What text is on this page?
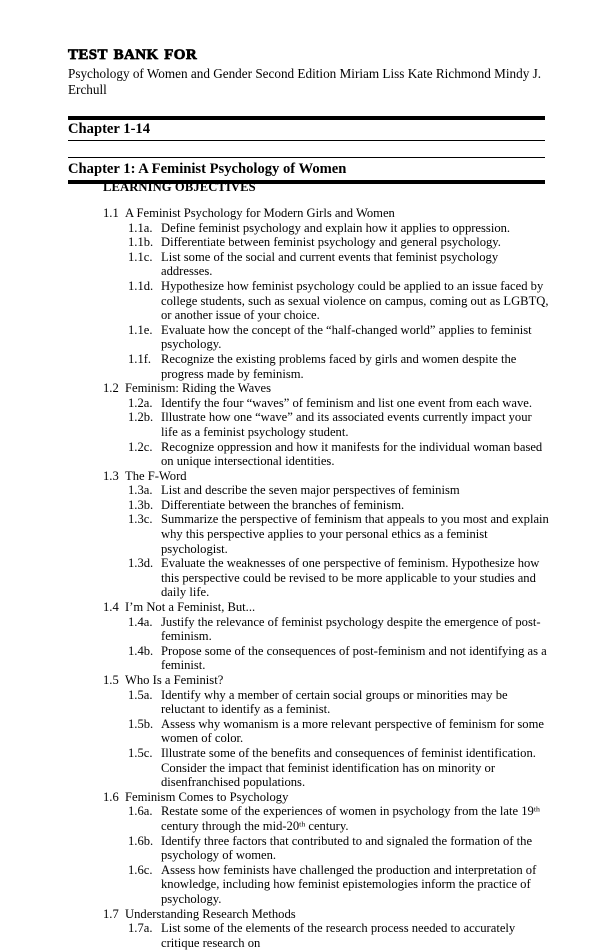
test bank for
Psychology of Women and Gender Second Edition Miriam Liss Kate Richmond Mindy J. Erchull
Chapter 1-14
Chapter 1: A Feminist Psychology of Women
LEARNING OBJECTIVES
1.1 A Feminist Psychology for Modern Girls and Women
1.1a. Define feminist psychology and explain how it applies to oppression.
1.1b. Differentiate between feminist psychology and general psychology.
1.1c. List some of the social and current events that feminist psychology addresses.
1.1d. Hypothesize how feminist psychology could be applied to an issue faced by college students, such as sexual violence on campus, coming out as LGBTQ, or another issue of your choice.
1.1e. Evaluate how the concept of the “half-changed world” applies to feminist psychology.
1.1f. Recognize the existing problems faced by girls and women despite the progress made by feminism.
1.2 Feminism: Riding the Waves
1.2a. Identify the four “waves” of feminism and list one event from each wave.
1.2b. Illustrate how one “wave” and its associated events currently impact your life as a feminist psychology student.
1.2c. Recognize oppression and how it manifests for the individual woman based on unique intersectional identities.
1.3 The F-Word
1.3a. List and describe the seven major perspectives of feminism
1.3b. Differentiate between the branches of feminism.
1.3c. Summarize the perspective of feminism that appeals to you most and explain why this perspective applies to your personal ethics as a feminist psychologist.
1.3d. Evaluate the weaknesses of one perspective of feminism. Hypothesize how this perspective could be revised to be more applicable to your studies and daily life.
1.4 I’m Not a Feminist, But...
1.4a. Justify the relevance of feminist psychology despite the emergence of post-feminism.
1.4b. Propose some of the consequences of post-feminism and not identifying as a feminist.
1.5 Who Is a Feminist?
1.5a. Identify why a member of certain social groups or minorities may be reluctant to identify as a feminist.
1.5b. Assess why womanism is a more relevant perspective of feminism for some women of color.
1.5c. Illustrate some of the benefits and consequences of feminist identification. Consider the impact that feminist identification has on minority or disenfranchised populations.
1.6 Feminism Comes to Psychology
1.6a. Restate some of the experiences of women in psychology from the late 19th century through the mid-20th century.
1.6b. Identify three factors that contributed to and signaled the formation of the psychology of women.
1.6c. Assess how feminists have challenged the production and interpretation of knowledge, including how feminist epistemologies inform the practice of psychology.
1.7 Understanding Research Methods
1.7a. List some of the elements of the research process needed to accurately critique research on
